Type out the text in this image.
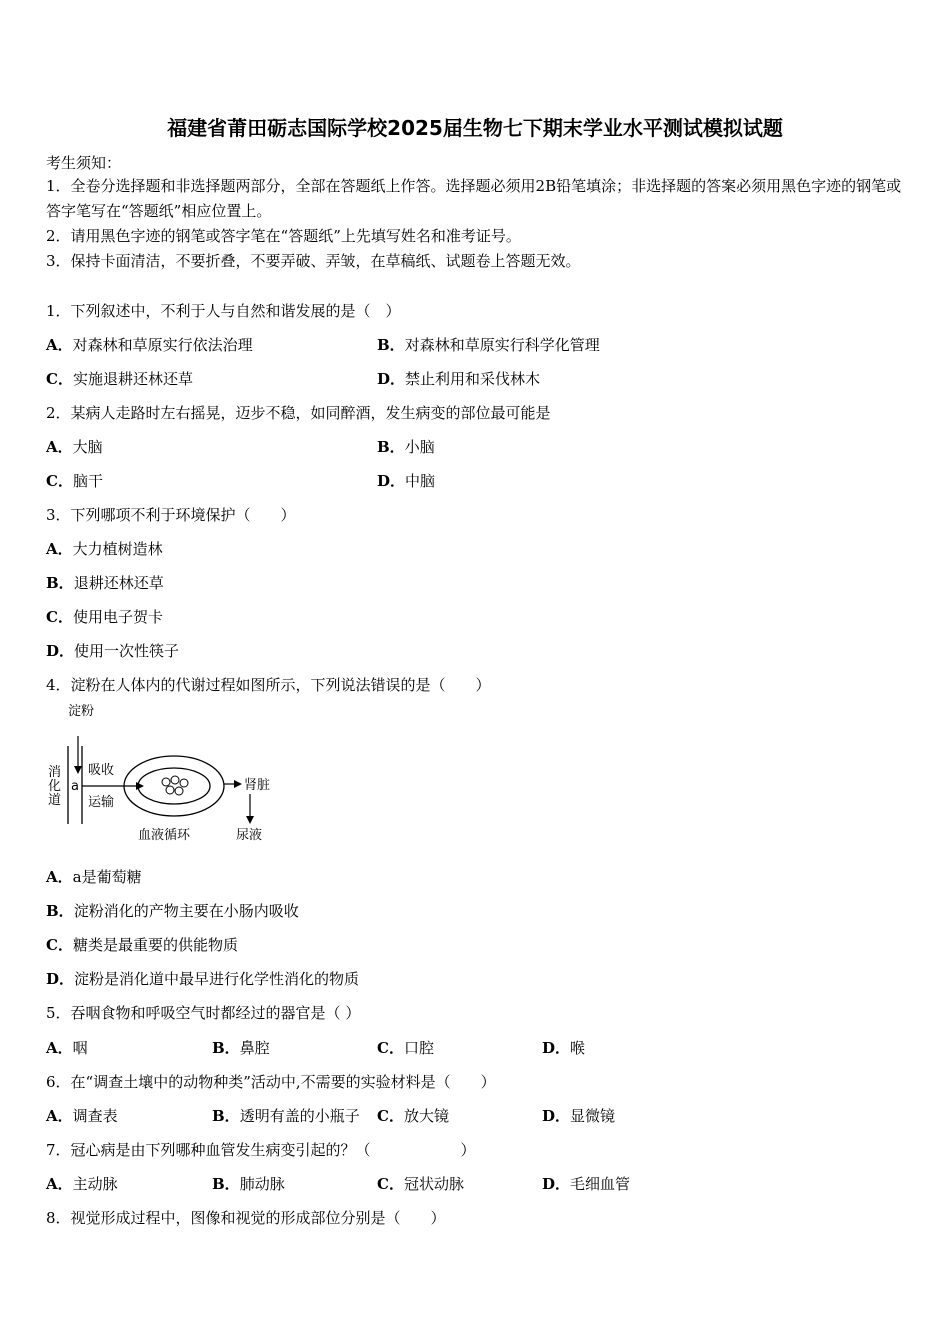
福建省莆田砺志国际学校2025届生物七下期末学业水平测试模拟试题
考生须知：
1．全卷分选择题和非选择题两部分，全部在答题纸上作答。选择题必须用2B铅笔填涂；非选择题的答案必须用黑色字迹的钢笔或答字笔写在“答题纸”相应位置上。
2．请用黑色字迹的钢笔或答字笔在“答题纸”上先填写姓名和准考证号。
3．保持卡面清洁，不要折叠，不要弄破、弄皱，在草稿纸、试题卷上答题无效。
1．下列叙述中，不利于人与自然和谐发展的是（　）
A．对森林和草原实行依法治理	B．对森林和草原实行科学化管理
C．实施退耕还林还草	D．禁止利用和采伐林木
2．某病人走路时左右摇晃，迈步不稳，如同醉酒，发生病变的部位最可能是
A．大脑	B．小脑
C．脑干	D．中脑
3．下列哪项不利于环境保护（　　）
A．大力植树造林
B．退耕还林还草
C．使用电子贺卡
D．使用一次性筷子
4．淀粉在人体内的代谢过程如图所示，下列说法错误的是（　　）
a
消
化
道
吸收
运输
肾脏
尿液
血液循环
淀粉
A．a是葡萄糖
B．淀粉消化的产物主要在小肠内吸收
C．糖类是最重要的供能物质
D．淀粉是消化道中最早进行化学性消化的物质
5．吞咽食物和呼吸空气时都经过的器官是（ ）
A．咽	B．鼻腔	C．口腔	D．喉
6．在“调查土壤中的动物种类”活动中,不需要的实验材料是（　　）
A．调查表	B．透明有盖的小瓶子 C．放大镜	D．显微镜
7．冠心病是由下列哪种血管发生病变引起的？（　　　　　　）
A．主动脉	B．肺动脉	C．冠状动脉	D．毛细血管
8．视觉形成过程中，图像和视觉的形成部位分别是（　　）
